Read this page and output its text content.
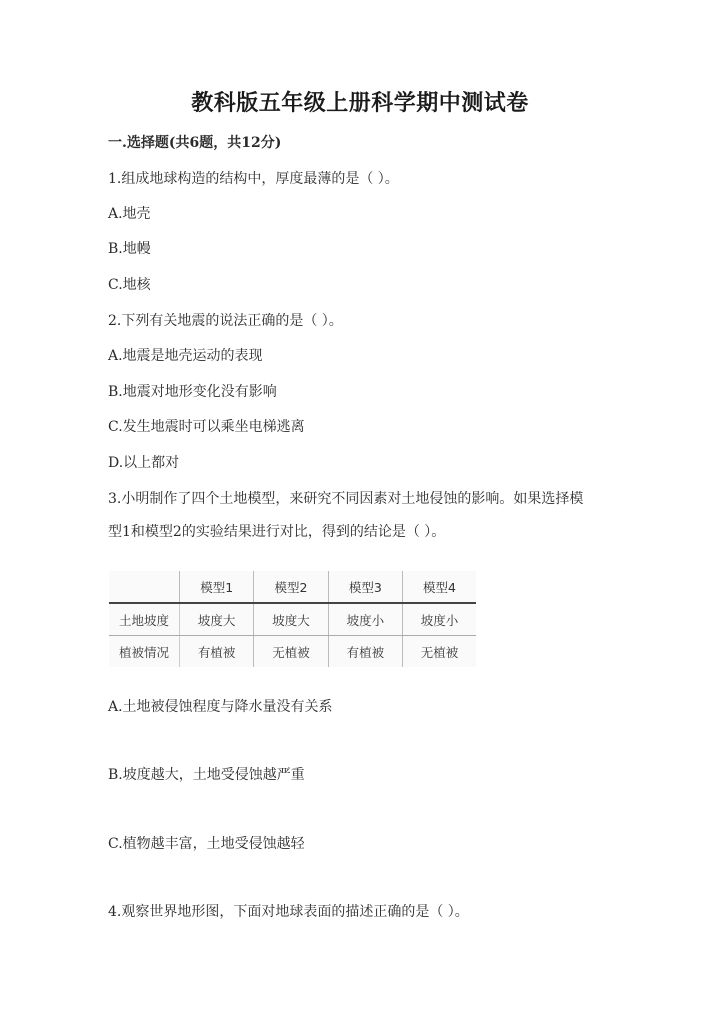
教科版五年级上册科学期中测试卷
一.选择题(共6题，共12分)
1.组成地球构造的结构中，厚度最薄的是（ ）。
A.地壳
B.地幔
C.地核
2.下列有关地震的说法正确的是（ ）。
A.地震是地壳运动的表现
B.地震对地形变化没有影响
C.发生地震时可以乘坐电梯逃离
D.以上都对
3.小明制作了四个土地模型，来研究不同因素对土地侵蚀的影响。如果选择模
型1和模型2的实验结果进行对比，得到的结论是（ ）。
	模型1	模型2	模型3	模型4
土地坡度	坡度大	坡度大	坡度小	坡度小
植被情况	有植被	无植被	有植被	无植被
A.土地被侵蚀程度与降水量没有关系
B.坡度越大，土地受侵蚀越严重
C.植物越丰富，土地受侵蚀越轻
4.观察世界地形图，下面对地球表面的描述正确的是（ ）。
